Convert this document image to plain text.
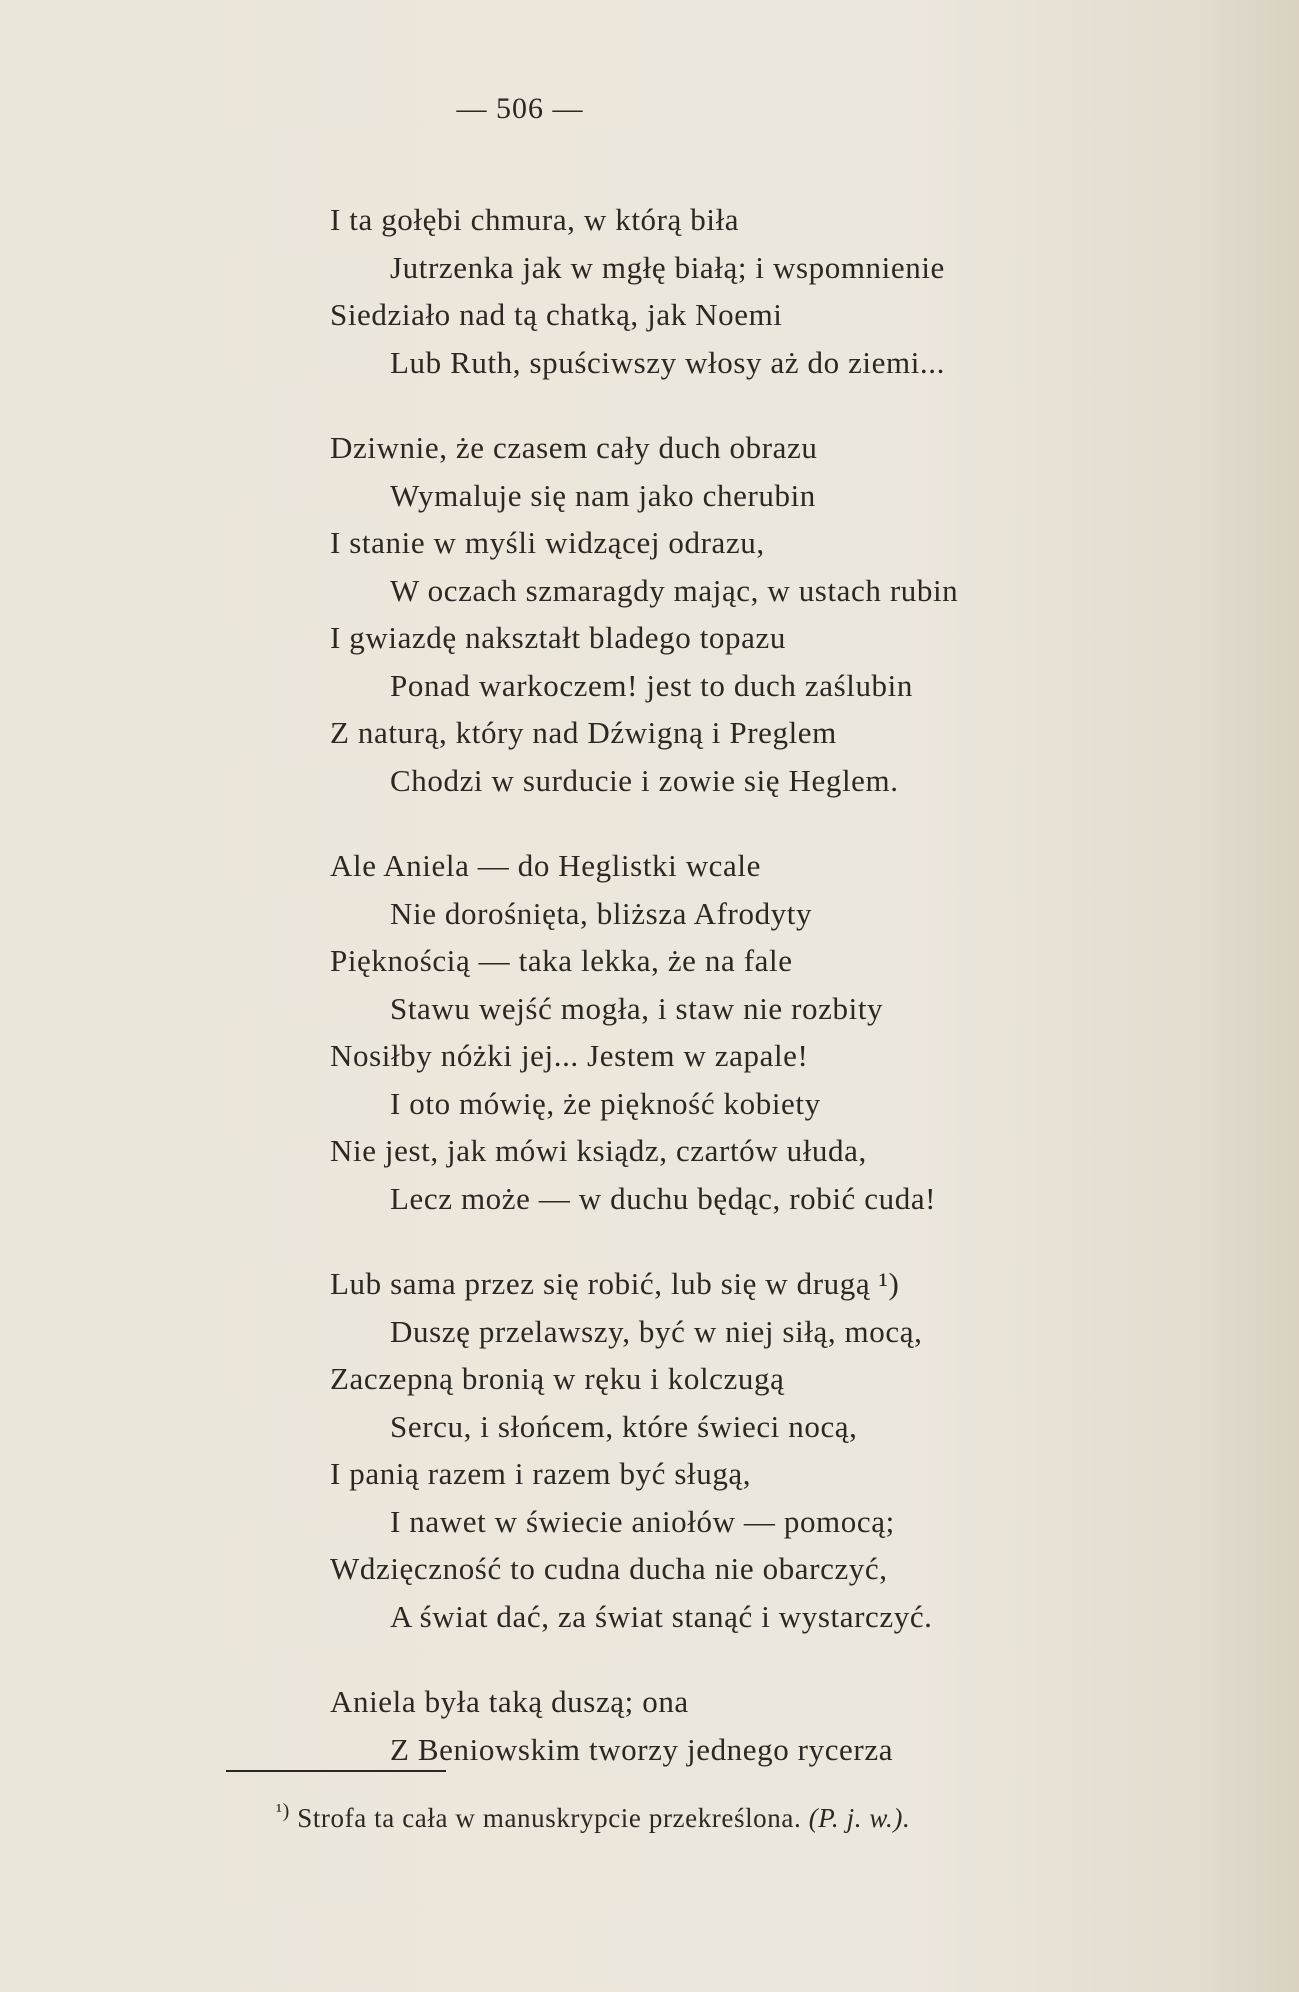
— 506 —
I ta gołębi chmura, w którą biła
Jutrzenka jak w mgłę białą; i wspomnienie
Siedziało nad tą chatką, jak Noemi
Lub Ruth, spuściwszy włosy aż do ziemi...
Dziwnie, że czasem cały duch obrazu
Wymaluje się nam jako cherubin
I stanie w myśli widzącej odrazu,
W oczach szmaragdy mając, w ustach rubin
I gwiazdę nakształt bladego topazu
Ponad warkoczem! jest to duch zaślubin
Z naturą, który nad Dźwigną i Preglem
Chodzi w surducie i zowie się Heglem.
Ale Aniela — do Heglistki wcale
Nie dorośnięta, bliższa Afrodyty
Pięknością — taka lekka, że na fale
Stawu wejść mogła, i staw nie rozbity
Nosiłby nóżki jej... Jestem w zapale!
I oto mówię, że piękność kobiety
Nie jest, jak mówi ksiądz, czartów ułuda,
Lecz może — w duchu będąc, robić cuda!
Lub sama przez się robić, lub się w drugą ¹)
Duszę przelawszy, być w niej siłą, mocą,
Zaczepną bronią w ręku i kolczugą
Sercu, i słońcem, które świeci nocą,
I panią razem i razem być sługą,
I nawet w świecie aniołów — pomocą;
Wdzięczność to cudna ducha nie obarczyć,
A świat dać, za świat stanąć i wystarczyć.
Aniela była taką duszą; ona
Z Beniowskim tworzy jednego rycerza
$^{^1)}$ Strofa ta cała w manuskrypcie przekreślona. (P. j. w.).
